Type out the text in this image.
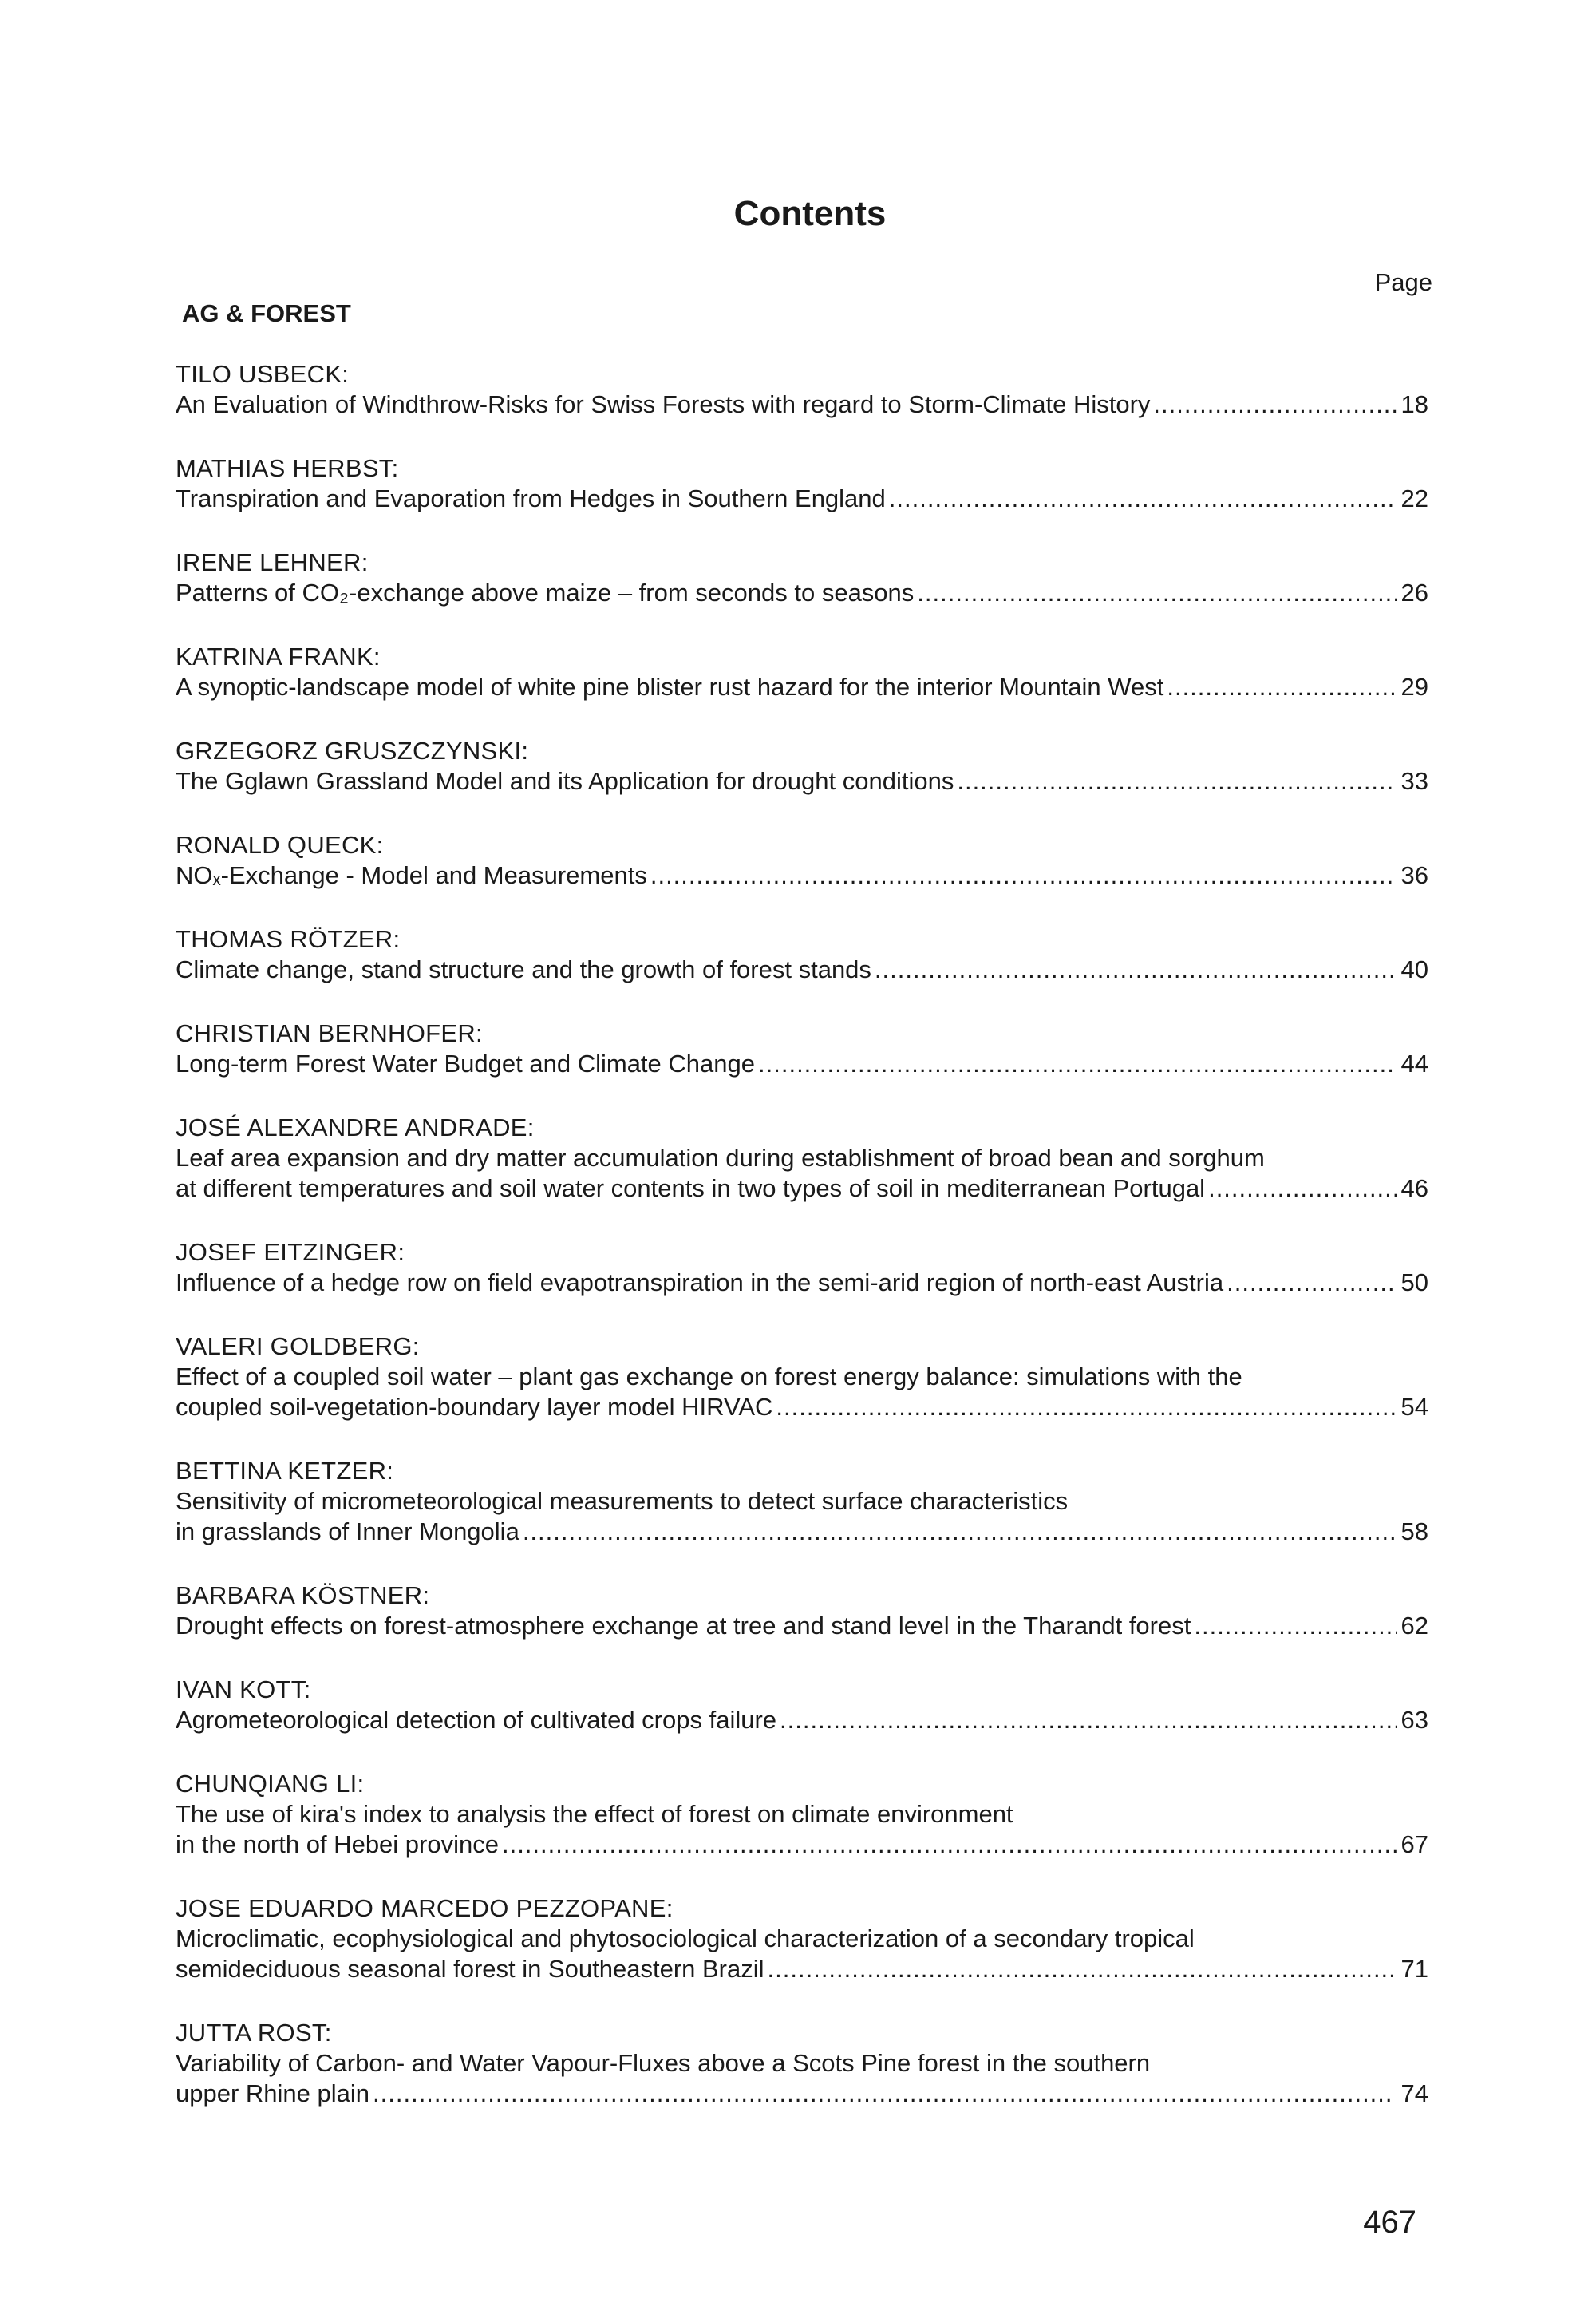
Contents
Page
AG & FOREST

TILO USBECK:

An Evaluation of Windthrow-Risks for Swiss Forests with regard to Storm-Climate History .....	18

MATHIAS HERBST:

Transpiration and Evaporation from Hedges in Southern England .....	22

IRENE LEHNER:

Patterns of CO₂-exchange above maize – from seconds to seasons .....	26

KATRINA FRANK:

A synoptic-landscape model of white pine blister rust hazard for the interior Mountain West .....	29

GRZEGORZ GRUSZCZYNSKI:

The Gglawn Grassland Model and its Application for drought conditions .....	33

RONALD QUECK:

NOₓ-Exchange - Model and Measurements .....	36

THOMAS RÖTZER:

Climate change, stand structure and the growth of forest stands .....	40

CHRISTIAN BERNHOFER:

Long-term Forest Water Budget and Climate Change .....	44

JOSÉ ALEXANDRE ANDRADE:

Leaf area expansion and dry matter accumulation during establishment of broad bean and sorghum

at different temperatures and soil water contents in two types of soil in mediterranean Portugal .....	46

JOSEF EITZINGER:

Influence of a hedge row on field evapotranspiration in the semi-arid region of north-east Austria .....	50

VALERI GOLDBERG:

Effect of a coupled soil water – plant gas exchange on forest energy balance: simulations with the

coupled soil-vegetation-boundary layer model HIRVAC .....	54

BETTINA KETZER:

Sensitivity of micrometeorological measurements to detect surface characteristics

in grasslands of Inner Mongolia .....	58

BARBARA KÖSTNER:

Drought effects on forest-atmosphere exchange at tree and stand level in the Tharandt forest .....	62

IVAN KOTT:

Agrometeorological detection of cultivated crops failure .....	63

CHUNQIANG LI:

The use of kira's index to analysis the effect of forest on climate environment

in the north of Hebei province .....	67

JOSE EDUARDO MARCEDO PEZZOPANE:

Microclimatic, ecophysiological and phytosociological characterization of a secondary tropical

semideciduous seasonal forest in Southeastern Brazil .....	71

JUTTA ROST:

Variability of Carbon- and Water Vapour-Fluxes above a Scots Pine forest in the southern

upper Rhine plain .....	74
467
